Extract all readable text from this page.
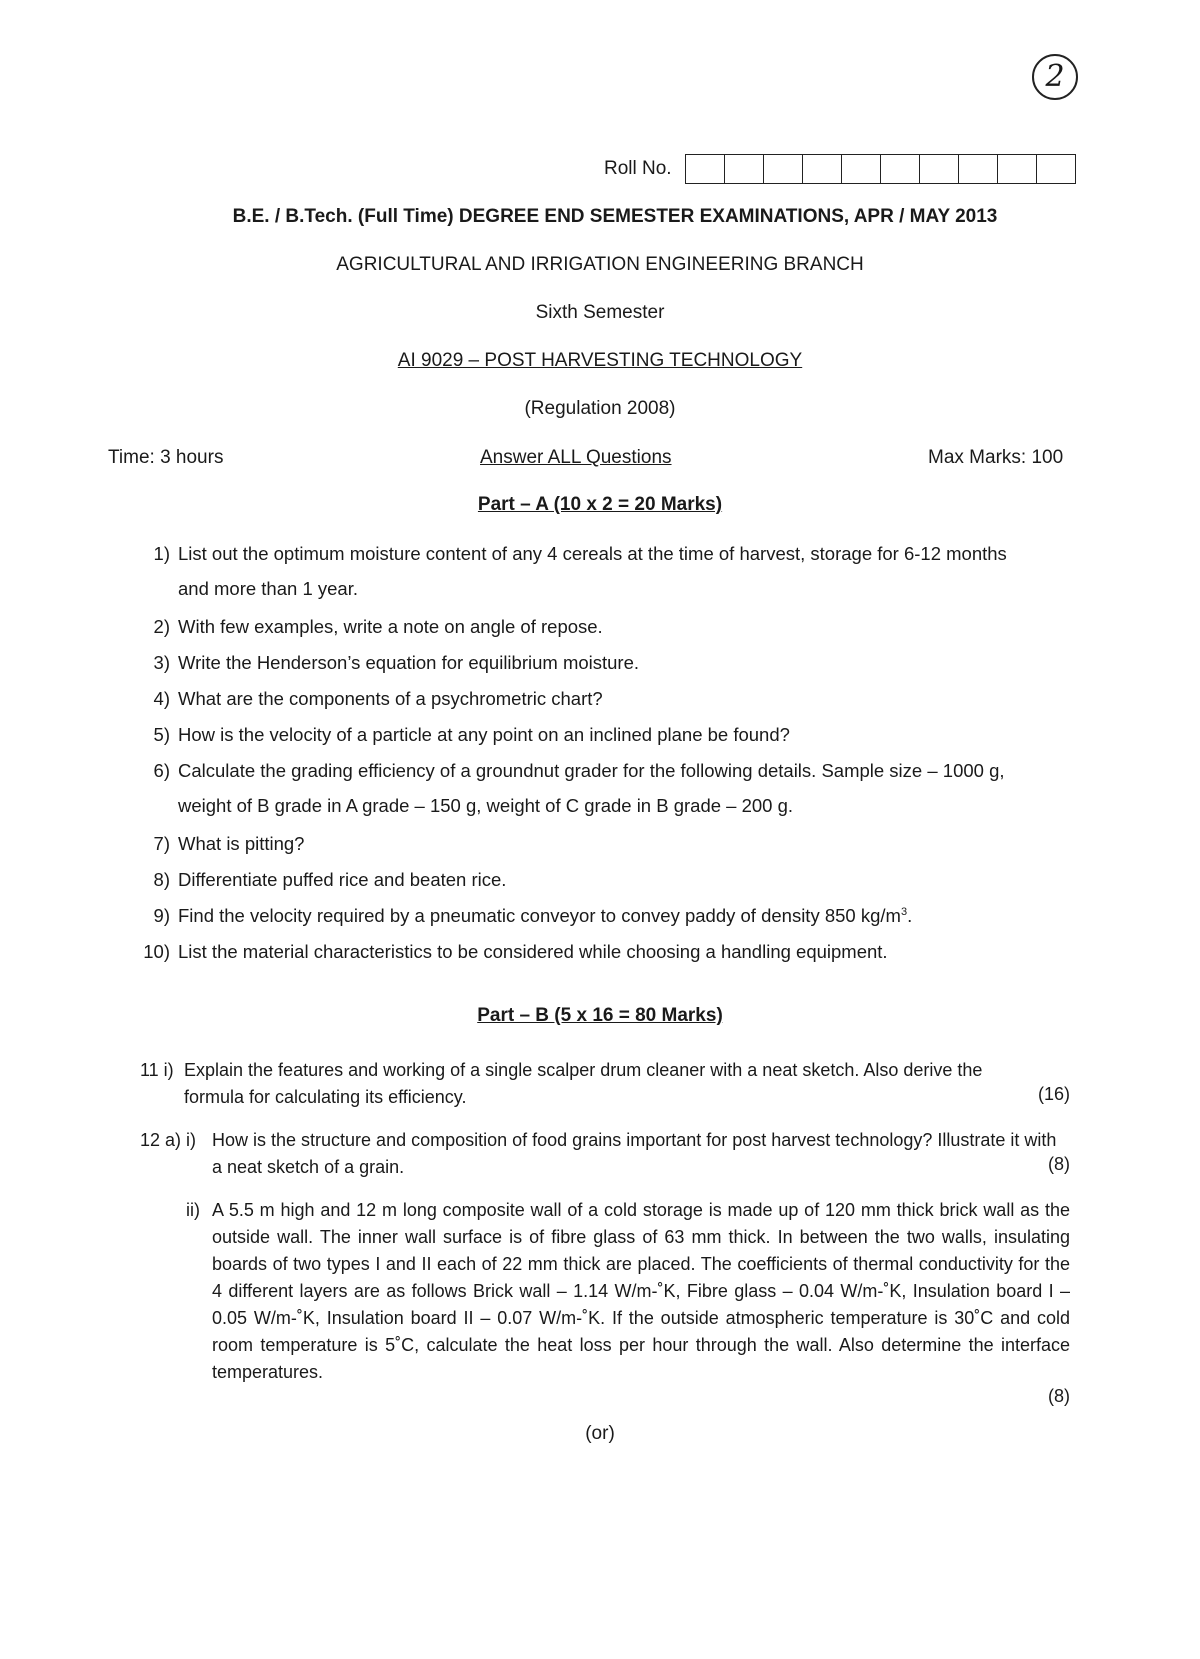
2
Roll No.
B.E. / B.Tech. (Full Time) DEGREE END SEMESTER EXAMINATIONS, APR / MAY 2013
AGRICULTURAL AND IRRIGATION ENGINEERING BRANCH
Sixth Semester
AI 9029 – POST HARVESTING TECHNOLOGY
(Regulation 2008)
Time: 3 hours	Answer ALL Questions	Max Marks: 100
Part – A (10 x 2 = 20 Marks)
1) List out the optimum moisture content of any 4 cereals at the time of harvest, storage for 6-12 months and more than 1 year.
2) With few examples, write a note on angle of repose.
3) Write the Henderson’s equation for equilibrium moisture.
4) What are the components of a psychrometric chart?
5) How is the velocity of a particle at any point on an inclined plane be found?
6) Calculate the grading efficiency of a groundnut grader for the following details. Sample size – 1000 g, weight of B grade in A grade – 150 g, weight of C grade in B grade – 200 g.
7) What is pitting?
8) Differentiate puffed rice and beaten rice.
9) Find the velocity required by a pneumatic conveyor to convey paddy of density 850 $kg/m^3$.
10) List the material characteristics to be considered while choosing a handling equipment.
Part – B (5 x 16 = 80 Marks)
11 i) Explain the features and working of a single scalper drum cleaner with a neat sketch. Also derive the formula for calculating its efficiency.	(16)
12 a) i) How is the structure and composition of food grains important for post harvest technology? Illustrate it with a neat sketch of a grain.	(8)
ii) A 5.5 m high and 12 m long composite wall of a cold storage is made up of 120 mm thick brick wall as the outside wall. The inner wall surface is of fibre glass of 63 mm thick. In between the two walls, insulating boards of two types I and II each of 22 mm thick are placed. The coefficients of thermal conductivity for the 4 different layers are as follows Brick wall – 1.14 W/m-˚K, Fibre glass – 0.04 W/m-˚K, Insulation board I – 0.05 W/m-˚K, Insulation board II – 0.07 W/m-˚K. If the outside atmospheric temperature is 30˚C and cold room temperature is 5˚C, calculate the heat loss per hour through the wall. Also determine the interface temperatures.
(8)
(or)
